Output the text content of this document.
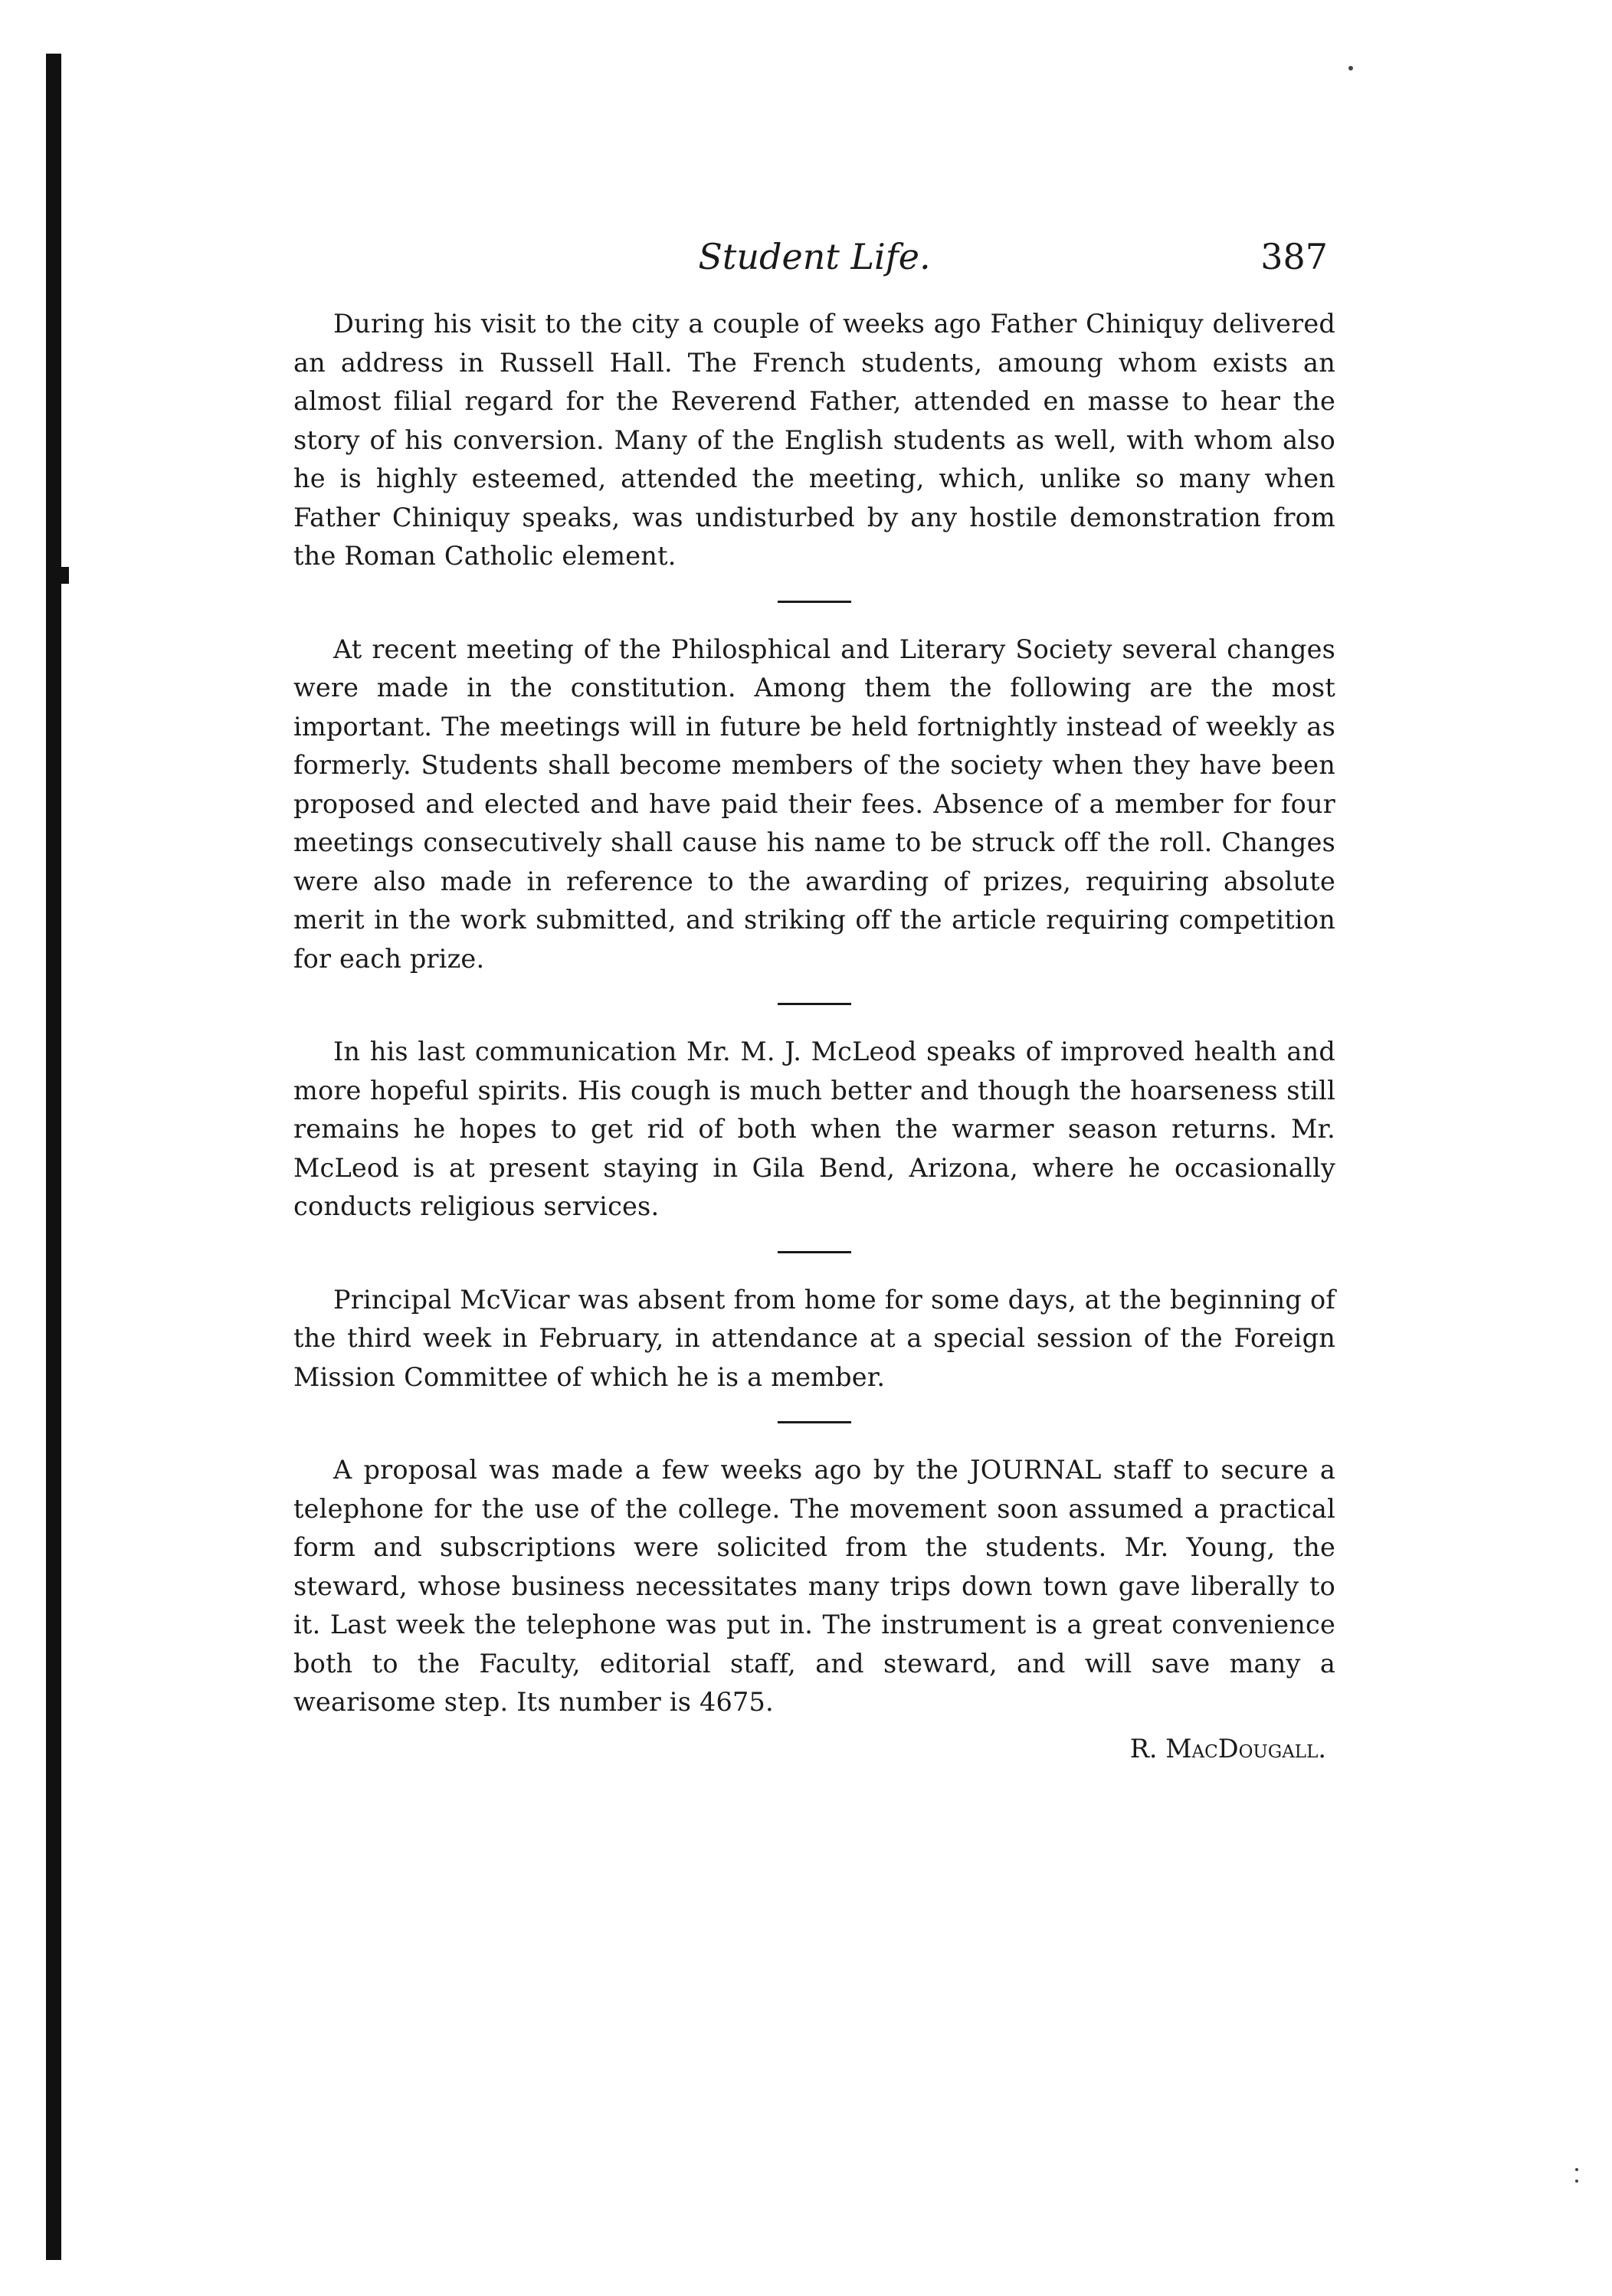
Student Life.	387

During his visit to the city a couple of weeks ago Father Chiniquy delivered an address in Russell Hall. The French students, amoung whom exists an almost filial regard for the Reverend Father, attended en masse to hear the story of his conversion. Many of the English students as well, with whom also he is highly esteemed, attended the meeting, which, unlike so many when Father Chiniquy speaks, was undisturbed by any hostile demonstration from the Roman Catholic element.

At recent meeting of the Philosphical and Literary Society several changes were made in the constitution. Among them the following are the most important. The meetings will in future be held fortnightly instead of weekly as formerly. Students shall become members of the society when they have been proposed and elected and have paid their fees. Absence of a member for four meetings consecutively shall cause his name to be struck off the roll. Changes were also made in reference to the awarding of prizes, requiring absolute merit in the work submitted, and striking off the article requiring competition for each prize.

In his last communication Mr. M. J. McLeod speaks of improved health and more hopeful spirits. His cough is much better and though the hoarseness still remains he hopes to get rid of both when the warmer season returns. Mr. McLeod is at present staying in Gila Bend, Arizona, where he occasionally conducts religious services.

Principal McVicar was absent from home for some days, at the beginning of the third week in February, in attendance at a special session of the Foreign Mission Committee of which he is a member.

A proposal was made a few weeks ago by the JOURNAL staff to secure a telephone for the use of the college. The movement soon assumed a practical form and subscriptions were solicited from the students. Mr. Young, the steward, whose business necessitates many trips down town gave liberally to it. Last week the telephone was put in. The instrument is a great convenience both to the Faculty, editorial staff, and steward, and will save many a wearisome step. Its number is 4675.

R. MacDougall.
